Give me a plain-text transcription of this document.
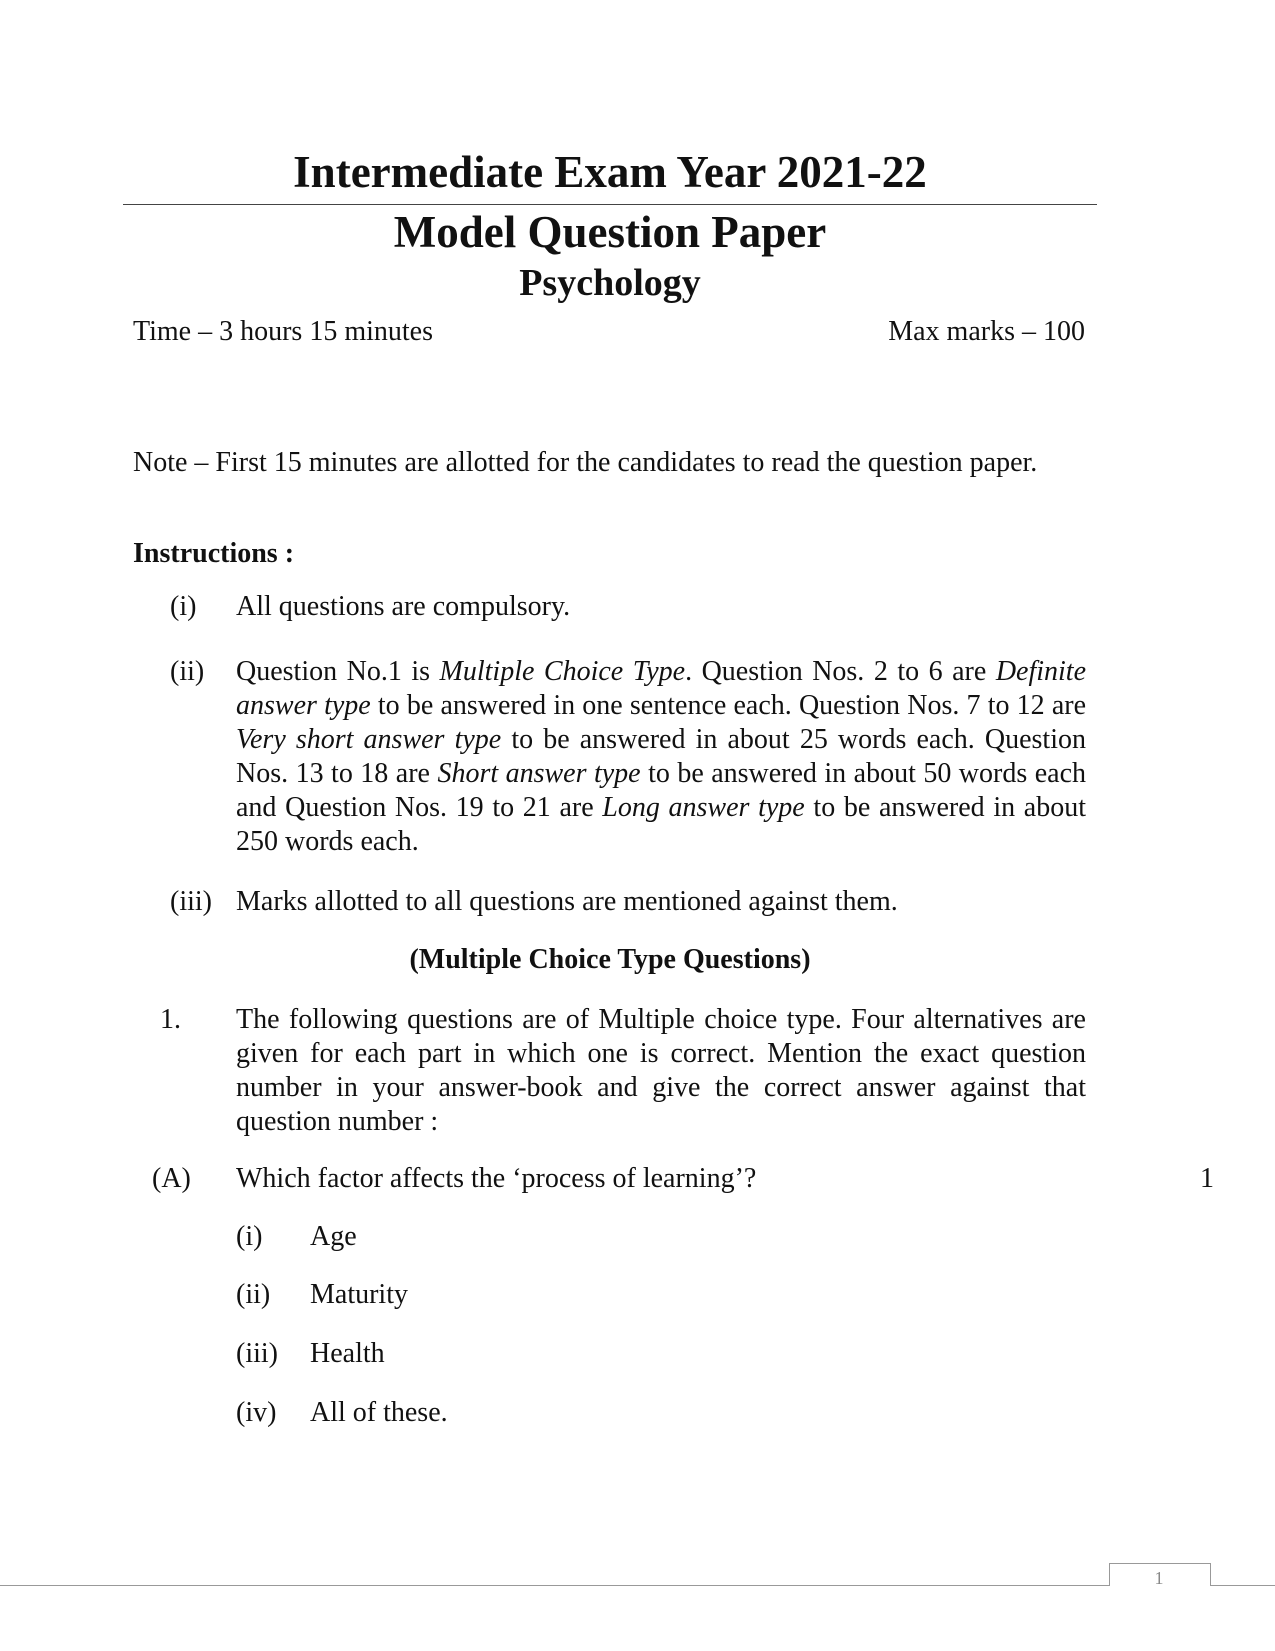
Intermediate Exam Year 2021-22
Model Question Paper
Psychology
Time – 3 hours 15 minutes	Max marks – 100
Note – First 15 minutes are allotted for the candidates to read the question paper.
Instructions :
(i) All questions are compulsory.
(ii) Question No.1 is Multiple Choice Type. Question Nos. 2 to 6 are Definite answer type to be answered in one sentence each. Question Nos. 7 to 12 are Very short answer type to be answered in about 25 words each. Question Nos. 13 to 18 are Short answer type to be answered in about 50 words each and Question Nos. 19 to 21 are Long answer type to be answered in about 250 words each.
(iii) Marks allotted to all questions are mentioned against them.
(Multiple Choice Type Questions)
1. The following questions are of Multiple choice type. Four alternatives are given for each part in which one is correct. Mention the exact question number in your answer-book and give the correct answer against that question number :
(A) Which factor affects the ‘process of learning’?	1
(i) Age
(ii) Maturity
(iii) Health
(iv) All of these.
1
